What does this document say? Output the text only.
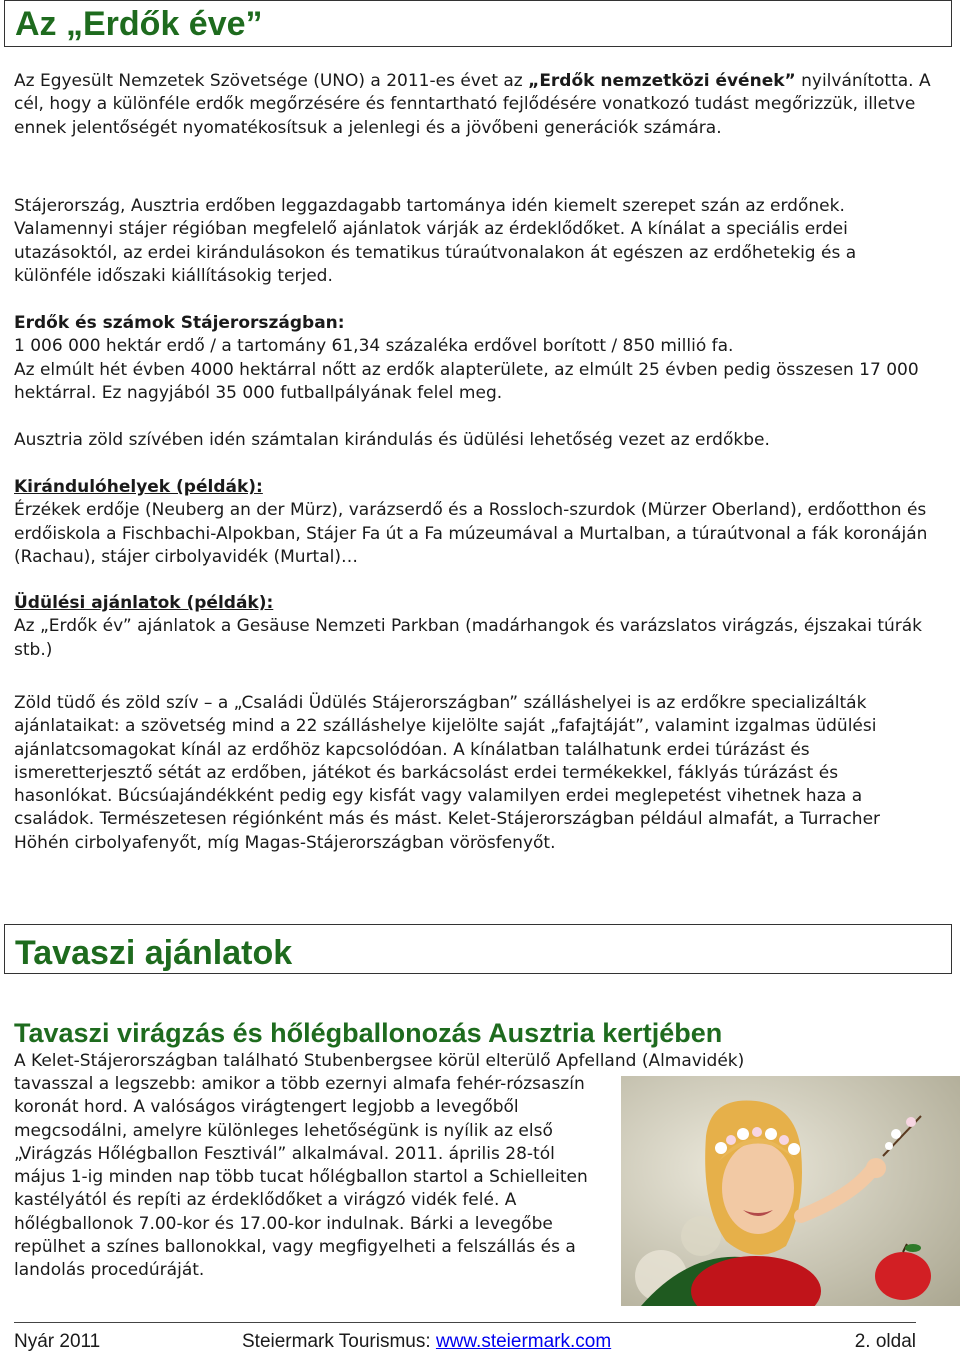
Az „Erdők éve”

Az Egyesült Nemzetek Szövetsége (UNO) a 2011-es évet az „Erdők nemzetközi évének” nyilvánította. A cél, hogy a különféle erdők megőrzésére és fenntartható fejlődésére vonatkozó tudást megőrizzük, illetve ennek jelentőségét nyomatékosítsuk a jelenlegi és a jövőbeni generációk számára.

Stájerország, Ausztria erdőben leggazdagabb tartománya idén kiemelt szerepet szán az erdőnek. Valamennyi stájer régióban megfelelő ajánlatok várják az érdeklődőket. A kínálat a speciális erdei utazásoktól, az erdei kirándulásokon és tematikus túraútvonalakon át egészen az erdőhetekig és a különféle időszaki kiállításokig terjed.

Erdők és számok Stájerországban:

1 006 000 hektár erdő / a tartomány 61,34 százaléka erdővel borított / 850 millió fa.

Az elmúlt hét évben 4000 hektárral nőtt az erdők alapterülete, az elmúlt 25 évben pedig összesen 17 000 hektárral. Ez nagyjából 35 000 futballpályának felel meg.

Ausztria zöld szívében idén számtalan kirándulás és üdülési lehetőség vezet az erdőkbe.

Kirándulóhelyek (példák):

Érzékek erdője (Neuberg an der Mürz), varázserdő és a Rossloch-szurdok (Mürzer Oberland), erdőotthon és erdőiskola a Fischbachi-Alpokban, Stájer Fa út a Fa múzeumával a Murtalban, a túraútvonal a fák koronáján (Rachau), stájer cirbolyavidék (Murtal)…

Üdülési ajánlatok (példák):

Az „Erdők év” ajánlatok a Gesäuse Nemzeti Parkban (madárhangok és varázslatos virágzás, éjszakai túrák stb.)

Zöld tüdő és zöld szív – a „Családi Üdülés Stájerországban” szálláshelyei is az erdőkre specializálták ajánlataikat: a szövetség mind a 22 szálláshelye kijelölte saját „fafajtáját”, valamint izgalmas üdülési ajánlatcsomagokat kínál az erdőhöz kapcsolódóan. A kínálatban találhatunk erdei túrázást és ismeretterjesztő sétát az erdőben, játékot és barkácsolást erdei termékekkel, fáklyás túrázást és hasonlókat. Búcsúajándékként pedig egy kisfát vagy valamilyen erdei meglepetést vihetnek haza a családok. Természetesen régiónként más és mást. Kelet-Stájerországban például almafát, a Turracher Höhén cirbolyafenyőt, míg Magas-Stájerországban vörösfenyőt.

Tavaszi ajánlatok
Tavaszi virágzás és hőlégballonozás Ausztria kertjében

A Kelet-Stájerországban található Stubenbergsee körül elterülő Apfelland (Almavidék)

tavasszal a legszebb: amikor a több ezernyi almafa fehér-rózsaszín koronát hord. A valóságos virágtengert legjobb a levegőből megcsodálni, amelyre különleges lehetőségünk is nyílik az első „Virágzás Hőlégballon Fesztivál” alkalmával. 2011. április 28-tól május 1-ig minden nap több tucat hőlégballon startol a Schielleiten kastélyától és repíti az érdeklődőket a virágzó vidék felé. A hőlégballonok 7.00-kor és 17.00-kor indulnak. Bárki a levegőbe repülhet a színes ballonokkal, vagy megfigyelheti a felszállás és a landolás procedúráját.

Nyár 2011	Steiermark Tourismus: www.steiermark.com	2. oldal
